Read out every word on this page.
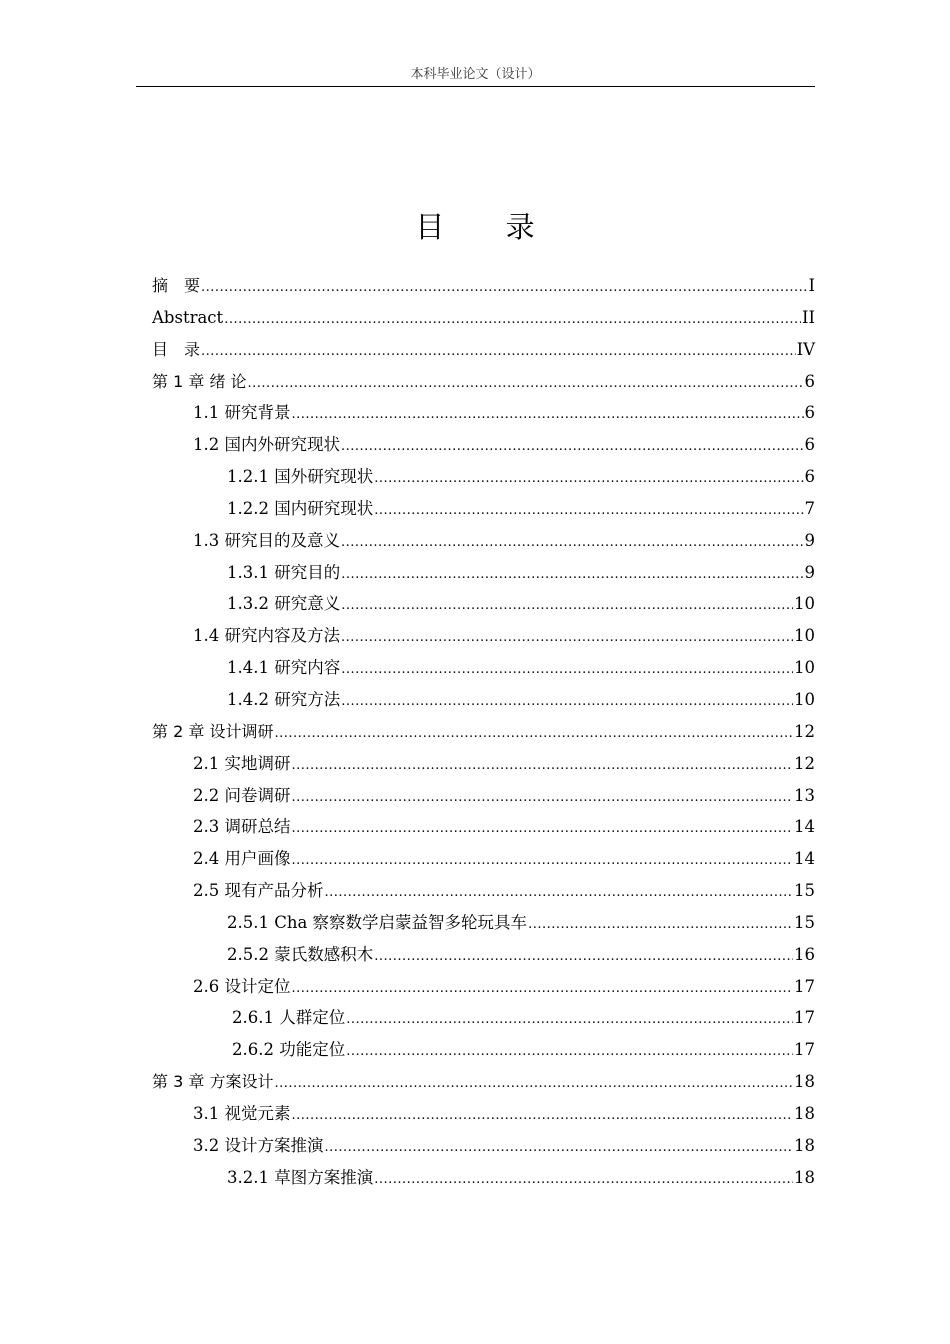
本科毕业论文（设计）
目 录
摘　要 .....	I
Abstract .....	II
目　录 .....	IV
第 1 章 绪 论 .....	6
1.1 研究背景 .....	6
1.2 国内外研究现状 .....	6
1.2.1 国外研究现状 .....	6
1.2.2 国内研究现状 .....	7
1.3 研究目的及意义 .....	9
1.3.1 研究目的 .....	9
1.3.2 研究意义 .....	10
1.4 研究内容及方法 .....	10
1.4.1 研究内容 .....	10
1.4.2 研究方法 .....	10
第 2 章 设计调研 .....	12
2.1 实地调研 .....	12
2.2 问卷调研 .....	13
2.3 调研总结 .....	14
2.4 用户画像 .....	14
2.5 现有产品分析 .....	15
2.5.1 Cha 察察数学启蒙益智多轮玩具车 .....	15
2.5.2 蒙氏数感积木 .....	16
2.6 设计定位 .....	17
2.6.1 人群定位 .....	17
2.6.2 功能定位 .....	17
第 3 章 方案设计 .....	18
3.1 视觉元素 .....	18
3.2 设计方案推演 .....	18
3.2.1 草图方案推演 .....	18
